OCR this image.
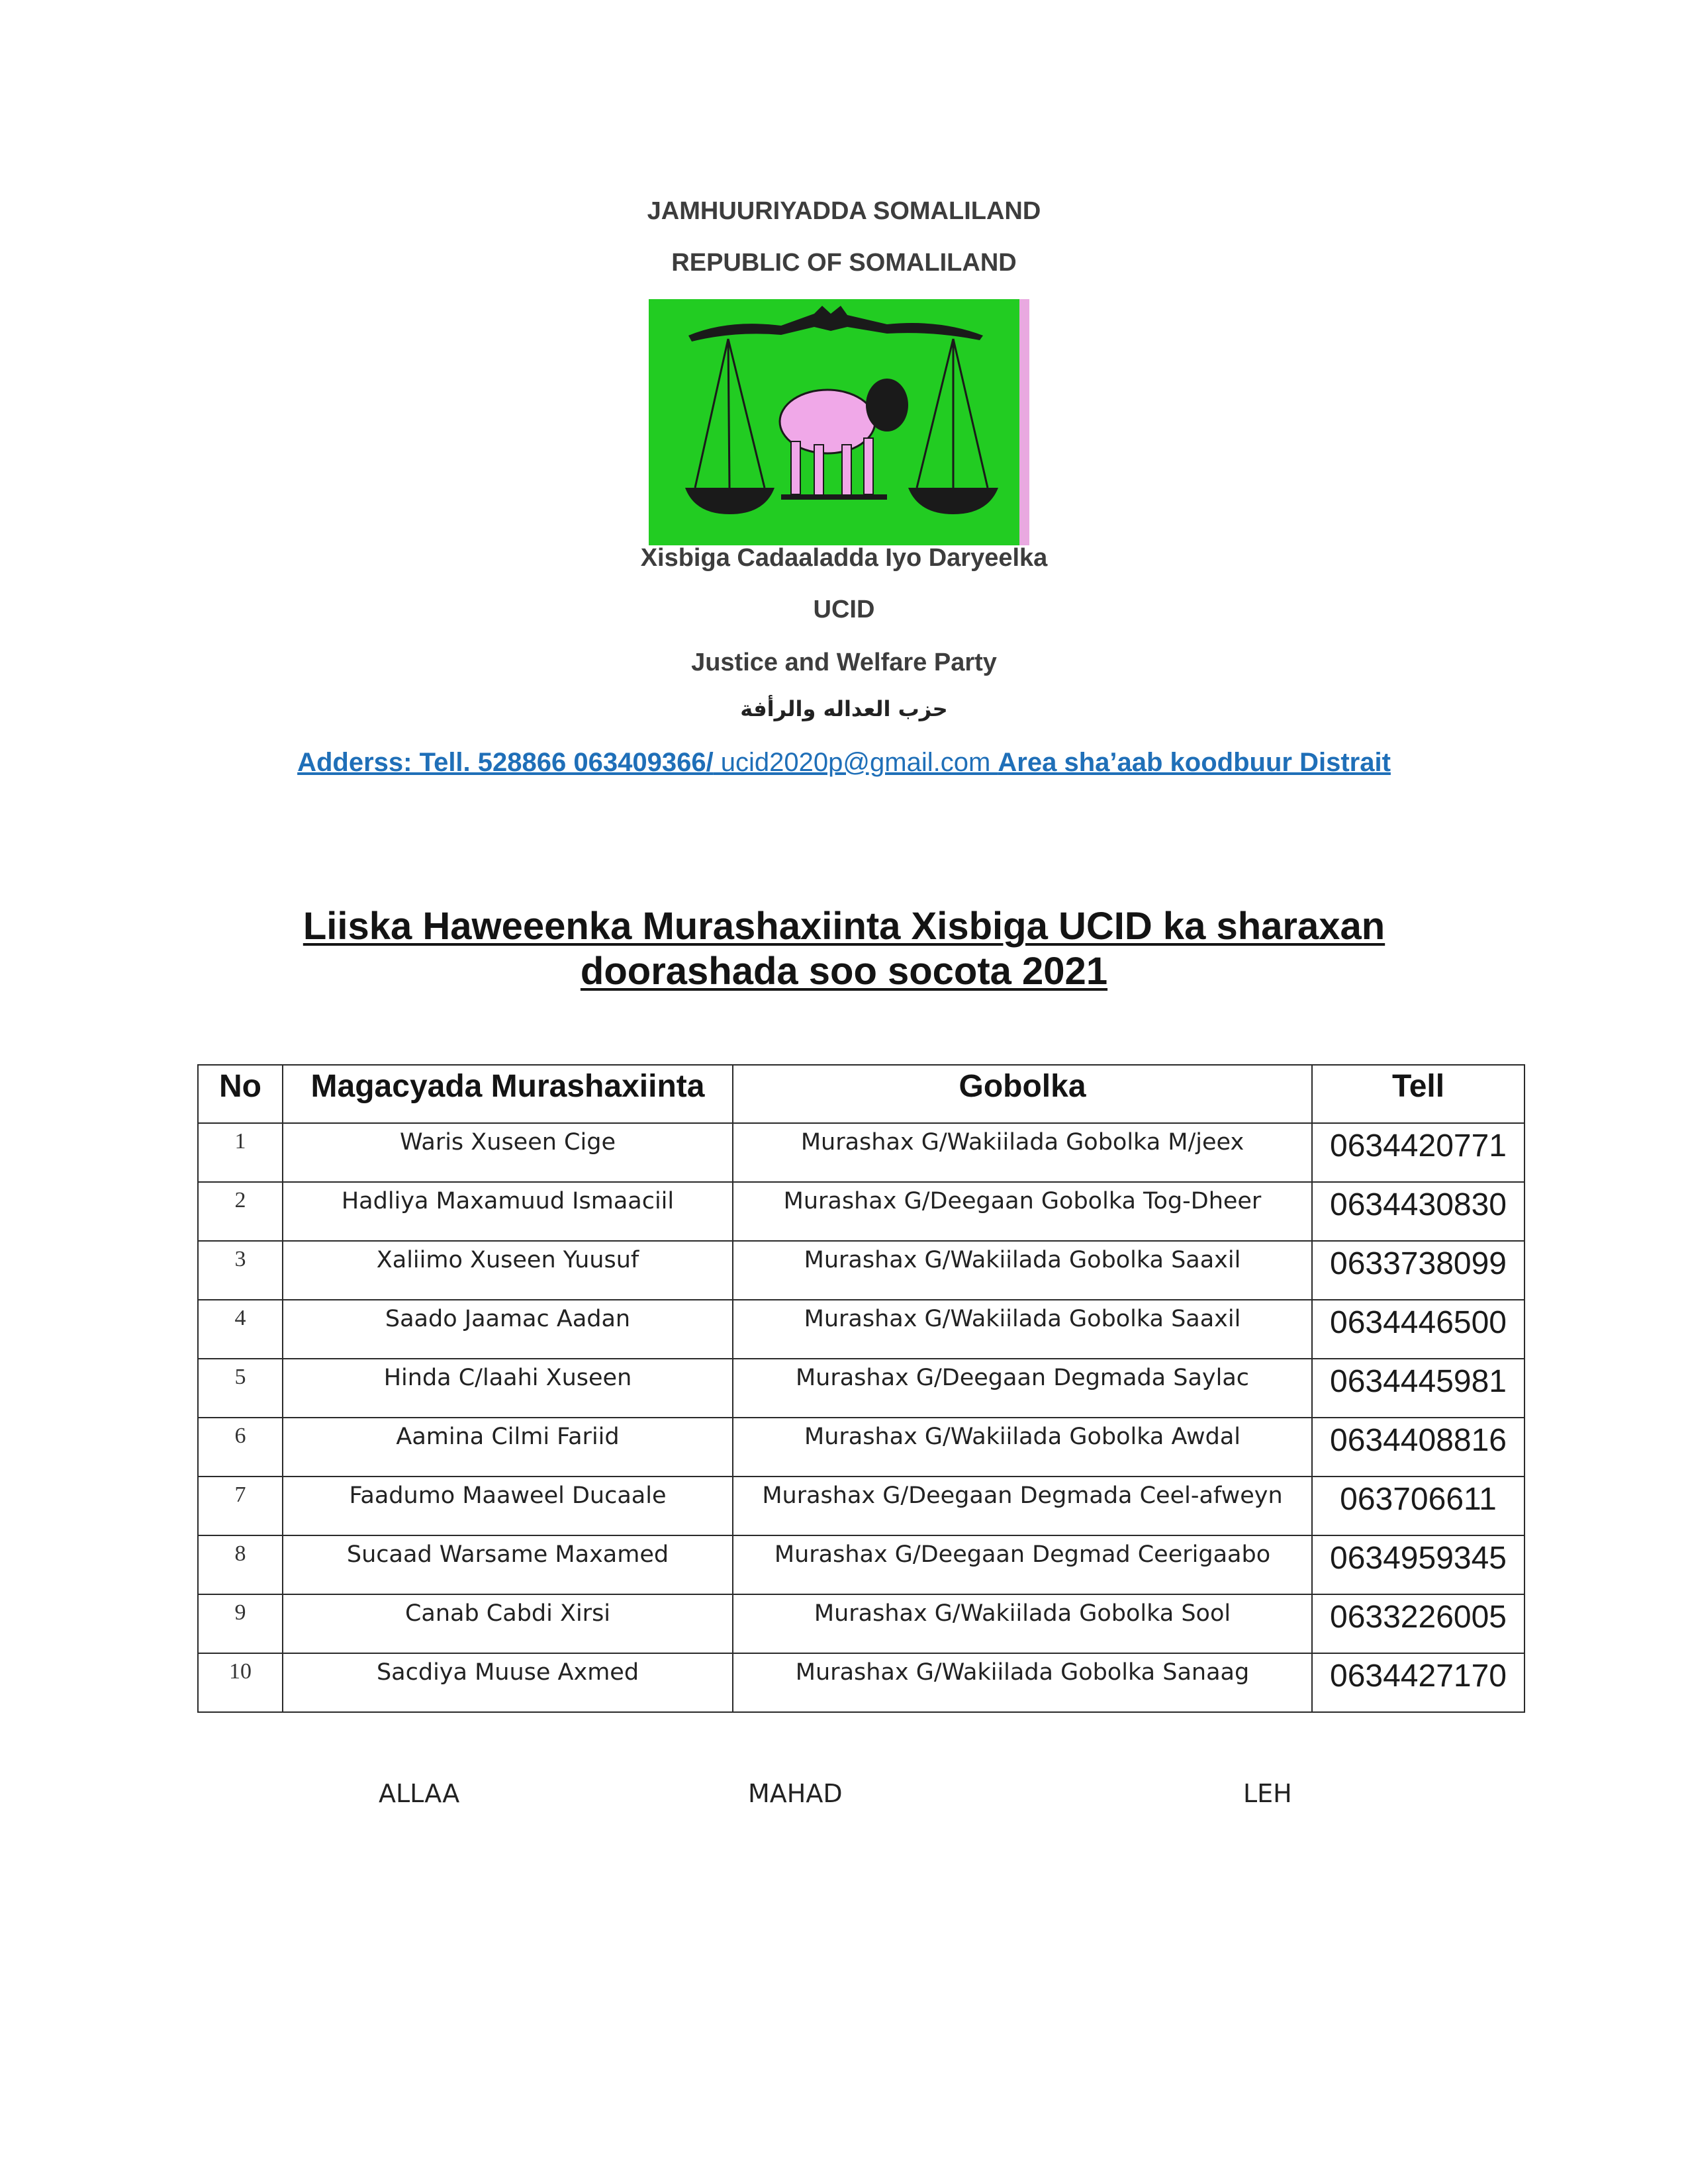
JAMHUURIYADDA SOMALILAND
REPUBLIC OF SOMALILAND
Xisbiga Cadaaladda Iyo Daryeelka
UCID
Justice and Welfare Party
حزب العداله والرأفة
Adderss: Tell. 528866 063409366/ ucid2020p@gmail.com Area sha’aab koodbuur Distrait
Liiska Haweeenka Murashaxiinta Xisbiga UCID ka sharaxan
doorashada soo socota 2021
No	Magacyada Murashaxiinta	Gobolka	Tell
1	Waris Xuseen Cige	Murashax G/Wakiilada Gobolka M/jeex	0634420771
2	Hadliya Maxamuud Ismaaciil	Murashax G/Deegaan Gobolka Tog-Dheer	0634430830
3	Xaliimo Xuseen Yuusuf	Murashax G/Wakiilada Gobolka Saaxil	0633738099
4	Saado Jaamac Aadan	Murashax G/Wakiilada Gobolka Saaxil	0634446500
5	Hinda C/laahi Xuseen	Murashax G/Deegaan Degmada Saylac	0634445981
6	Aamina Cilmi Fariid	Murashax G/Wakiilada Gobolka Awdal	0634408816
7	Faadumo Maaweel Ducaale	Murashax G/Deegaan Degmada Ceel-afweyn	063706611
8	Sucaad Warsame Maxamed	Murashax G/Deegaan Degmad Ceerigaabo	0634959345
9	Canab Cabdi Xirsi	Murashax G/Wakiilada Gobolka Sool	0633226005
10	Sacdiya Muuse Axmed	Murashax G/Wakiilada Gobolka Sanaag	0634427170
ALLAA	MAHAD	LEH
